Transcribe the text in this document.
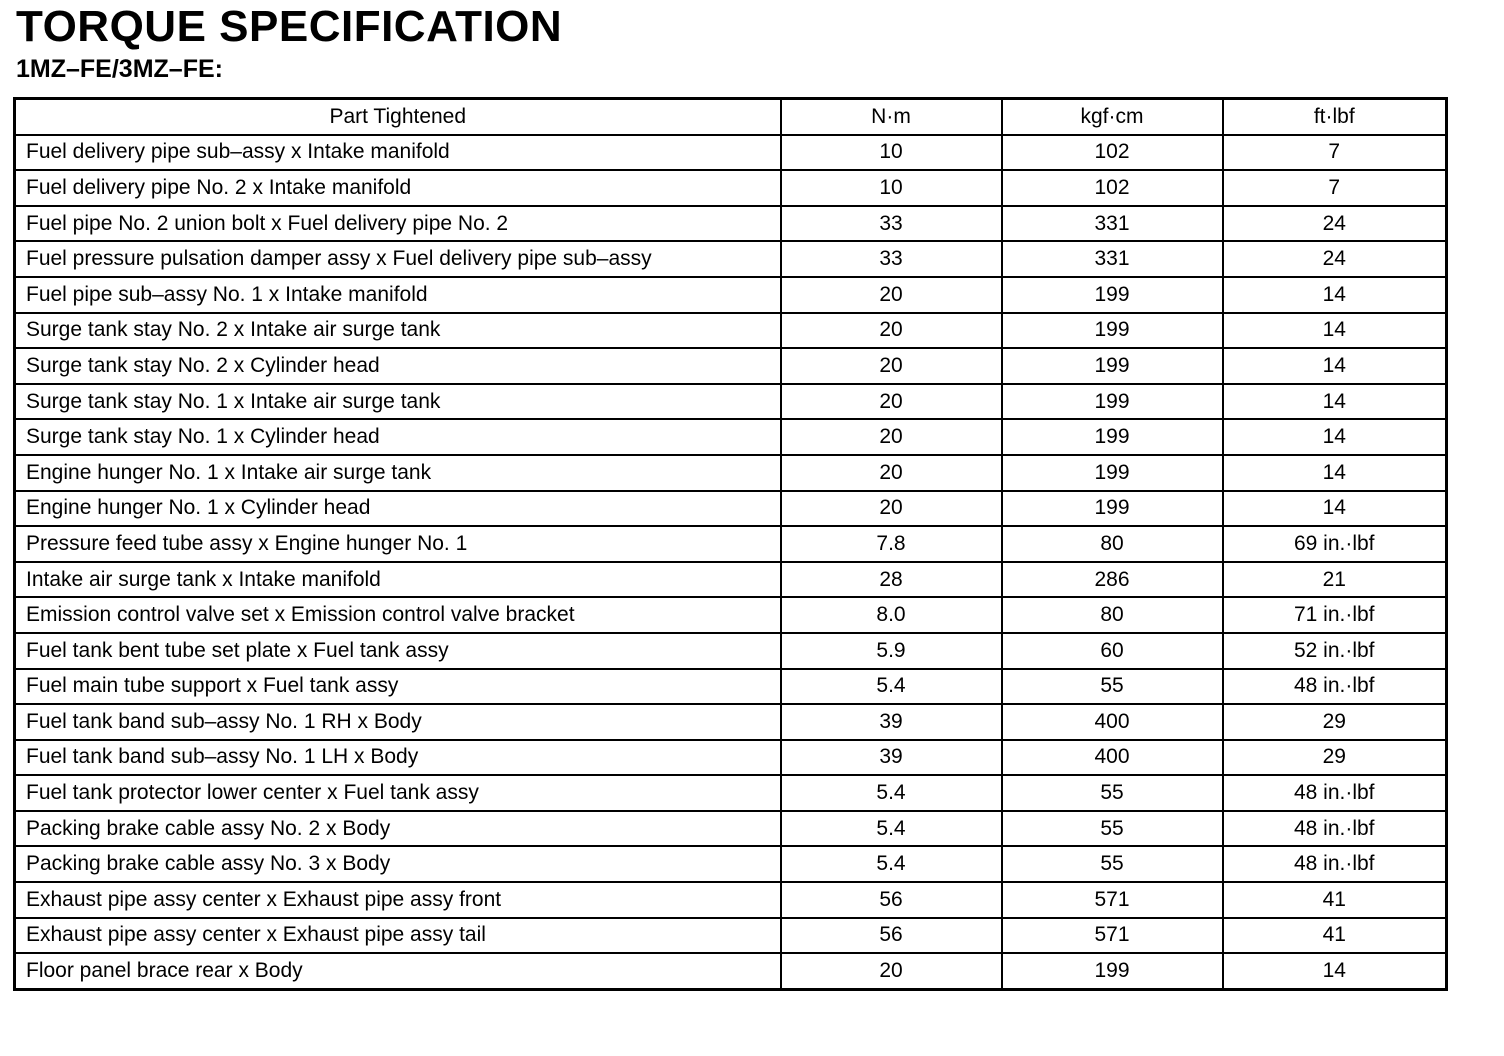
TORQUE SPECIFICATION
1MZ–FE/3MZ–FE:
Part Tightened	N·m	kgf·cm	ft·lbf
Fuel delivery pipe sub–assy x Intake manifold	10	102	7
Fuel delivery pipe No. 2 x Intake manifold	10	102	7
Fuel pipe No. 2 union bolt x Fuel delivery pipe No. 2	33	331	24
Fuel pressure pulsation damper assy x Fuel delivery pipe sub–assy	33	331	24
Fuel pipe sub–assy No. 1 x Intake manifold	20	199	14
Surge tank stay No. 2 x Intake air surge tank	20	199	14
Surge tank stay No. 2 x Cylinder head	20	199	14
Surge tank stay No. 1 x Intake air surge tank	20	199	14
Surge tank stay No. 1 x Cylinder head	20	199	14
Engine hunger No. 1 x Intake air surge tank	20	199	14
Engine hunger No. 1 x Cylinder head	20	199	14
Pressure feed tube assy x Engine hunger No. 1	7.8	80	69 in.·lbf
Intake air surge tank x Intake manifold	28	286	21
Emission control valve set x Emission control valve bracket	8.0	80	71 in.·lbf
Fuel tank bent tube set plate x Fuel tank assy	5.9	60	52 in.·lbf
Fuel main tube support x Fuel tank assy	5.4	55	48 in.·lbf
Fuel tank band sub–assy No. 1 RH x Body	39	400	29
Fuel tank band sub–assy No. 1 LH x Body	39	400	29
Fuel tank protector lower center x Fuel tank assy	5.4	55	48 in.·lbf
Packing brake cable assy No. 2 x Body	5.4	55	48 in.·lbf
Packing brake cable assy No. 3 x Body	5.4	55	48 in.·lbf
Exhaust pipe assy center x Exhaust pipe assy front	56	571	41
Exhaust pipe assy center x Exhaust pipe assy tail	56	571	41
Floor panel brace rear x Body	20	199	14
